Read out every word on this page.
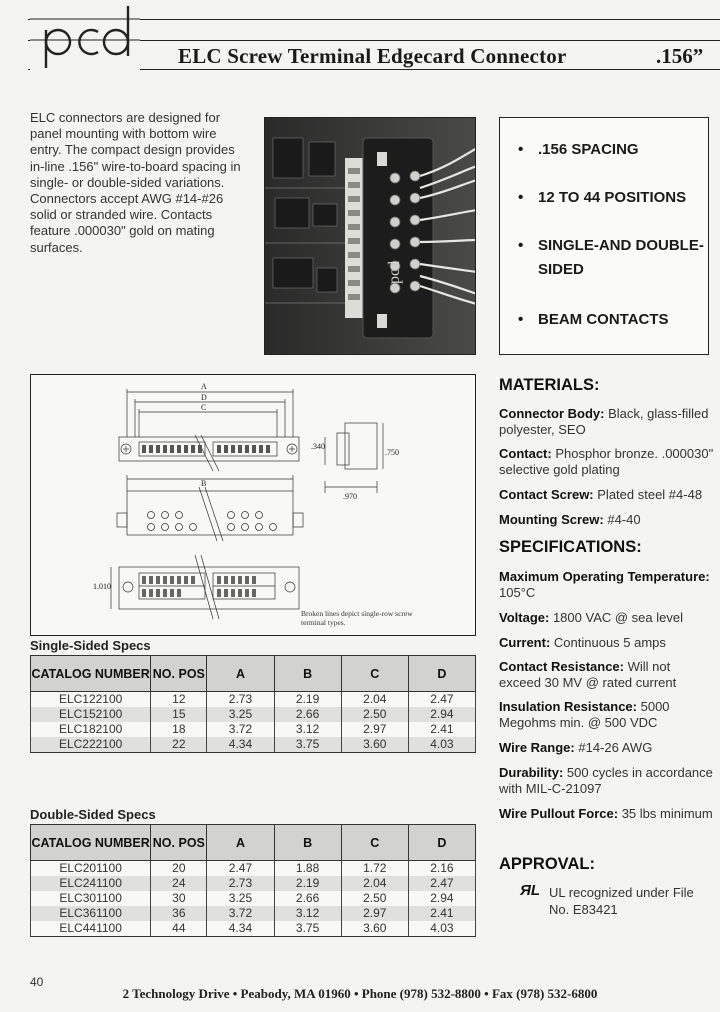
ELC Screw Terminal Edgecard Connector	.156”
ELC connectors are designed for panel mounting with bottom wire entry. The compact design provides in-line .156" wire-to-board spacing in single- or double-sided variations. Connectors accept AWG #14-#26 solid or stranded wire. Contacts feature .000030" gold on mating surfaces.
pcd
• .156 SPACING
• 12 TO 44 POSITIONS
• SINGLE-AND DOUBLE-SIDED
• BEAM CONTACTS
A
D
C
B
.340
.750
.970
1.010
Broken lines depict single-row screw terminal types.
Single-Sided Specs
CATALOG NUMBER	NO. POS	A	B	C	D
ELC122100	12	2.73	2.19	2.04	2.47
ELC152100	15	3.25	2.66	2.50	2.94
ELC182100	18	3.72	3.12	2.97	2.41
ELC222100	22	4.34	3.75	3.60	4.03
Double-Sided Specs
CATALOG NUMBER	NO. POS	A	B	C	D
ELC201100	20	2.47	1.88	1.72	2.16
ELC241100	24	2.73	2.19	2.04	2.47
ELC301100	30	3.25	2.66	2.50	2.94
ELC361100	36	3.72	3.12	2.97	2.41
ELC441100	44	4.34	3.75	3.60	4.03
MATERIALS:
Connector Body: Black, glass-filled polyester, SEO
Contact: Phosphor bronze. .000030" selective gold plating
Contact Screw: Plated steel #4-48
Mounting Screw: #4-40
SPECIFICATIONS:
Maximum Operating Temperature: 105°C
Voltage: 1800 VAC @ sea level
Current: Continuous 5 amps
Contact Resistance: Will not exceed 30 MV @ rated current
Insulation Resistance: 5000 Megohms min. @ 500 VDC
Wire Range: #14-26 AWG
Durability: 500 cycles in accordance with MIL-C-21097
Wire Pullout Force: 35 lbs minimum
APPROVAL:
ЯL UL recognized under File No. E83421
40
2 Technology Drive • Peabody, MA 01960 • Phone (978) 532-8800 • Fax (978) 532-6800
